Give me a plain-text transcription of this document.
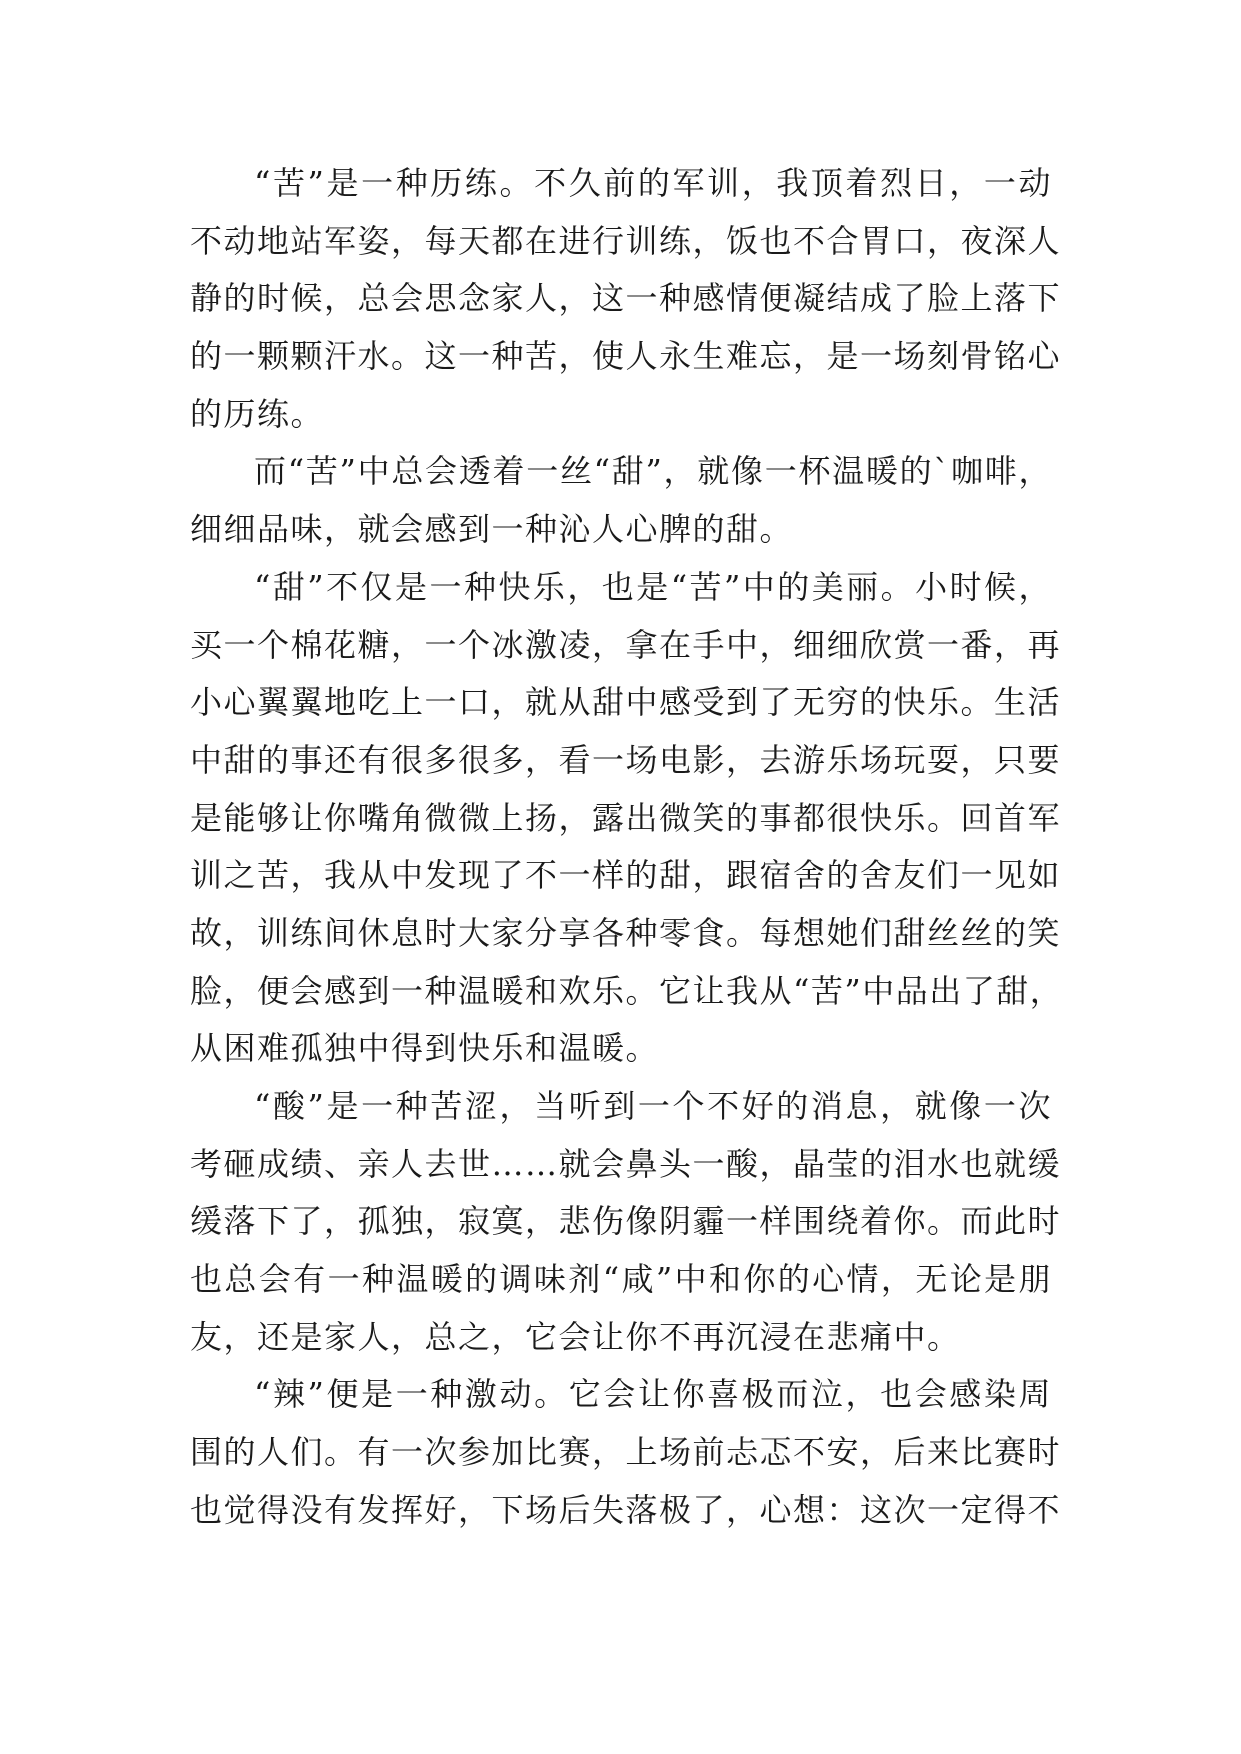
“苦”是一种历练。不久前的军训，我顶着烈日，一动
不动地站军姿，每天都在进行训练，饭也不合胃口，夜深人
静的时候，总会思念家人，这一种感情便凝结成了脸上落下
的一颗颗汗水。这一种苦，使人永生难忘，是一场刻骨铭心
的历练。
而“苦”中总会透着一丝“甜”，就像一杯温暖的`咖啡，
细细品味，就会感到一种沁人心脾的甜。
“甜”不仅是一种快乐，也是“苦”中的美丽。小时候，
买一个棉花糖，一个冰激凌，拿在手中，细细欣赏一番，再
小心翼翼地吃上一口，就从甜中感受到了无穷的快乐。生活
中甜的事还有很多很多，看一场电影，去游乐场玩耍，只要
是能够让你嘴角微微上扬，露出微笑的事都很快乐。回首军
训之苦，我从中发现了不一样的甜，跟宿舍的舍友们一见如
故，训练间休息时大家分享各种零食。每想她们甜丝丝的笑
脸，便会感到一种温暖和欢乐。它让我从“苦”中品出了甜，
从困难孤独中得到快乐和温暖。
“酸”是一种苦涩，当听到一个不好的消息，就像一次
考砸成绩、亲人去世……就会鼻头一酸，晶莹的泪水也就缓
缓落下了，孤独，寂寞，悲伤像阴霾一样围绕着你。而此时
也总会有一种温暖的调味剂“咸”中和你的心情，无论是朋
友，还是家人，总之，它会让你不再沉浸在悲痛中。
“辣”便是一种激动。它会让你喜极而泣，也会感染周
围的人们。有一次参加比赛，上场前忐忑不安，后来比赛时
也觉得没有发挥好，下场后失落极了，心想：这次一定得不
